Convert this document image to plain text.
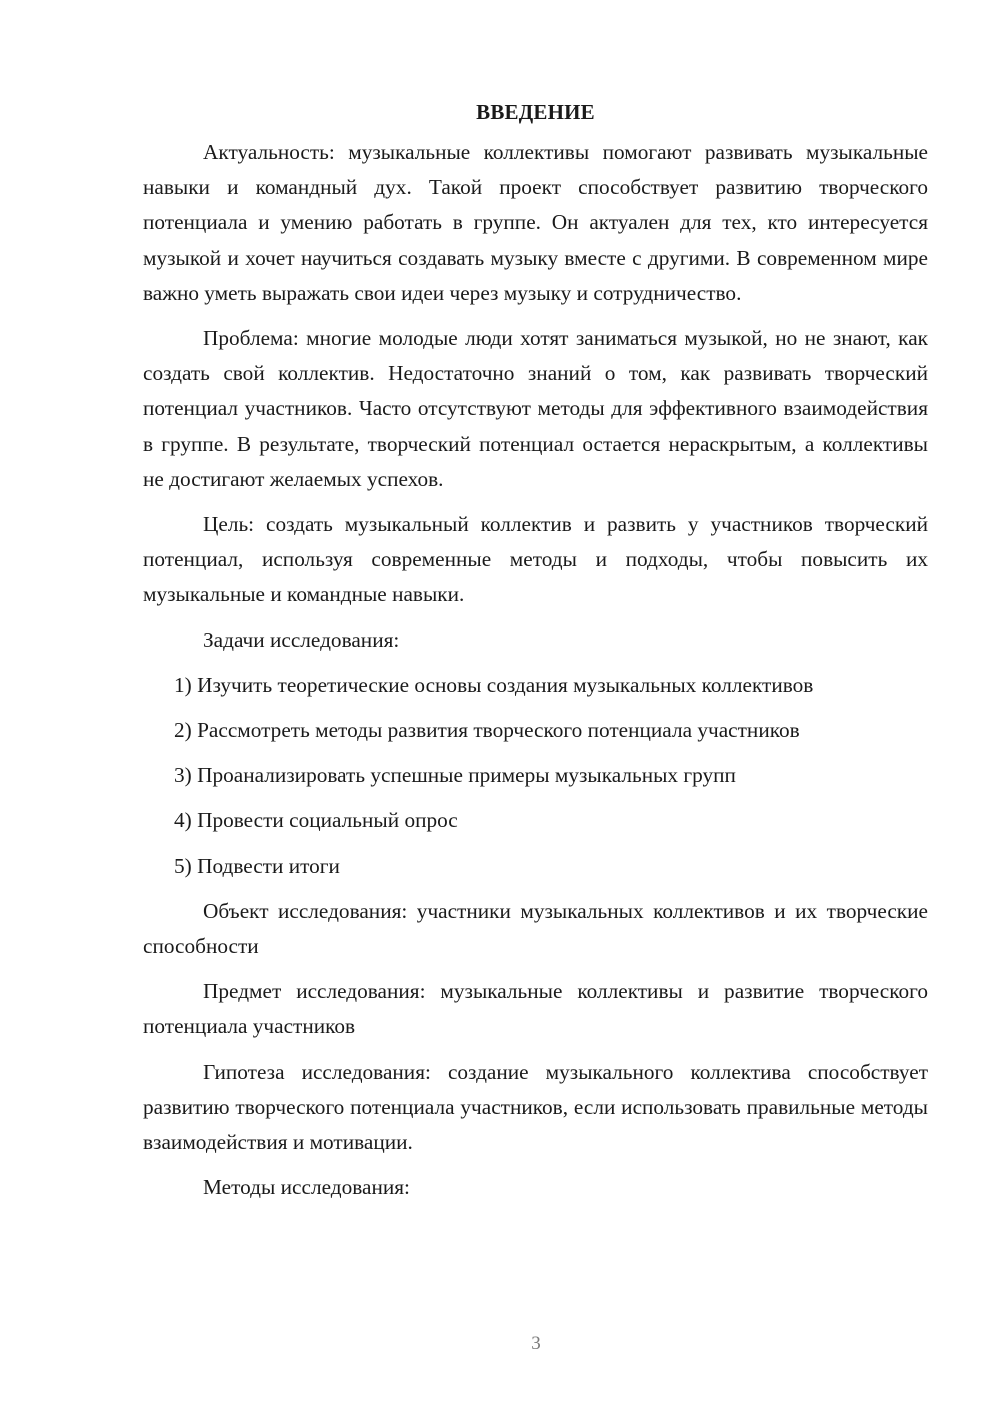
ВВЕДЕНИЕ

Актуальность: музыкальные коллективы помогают развивать музыкальные навыки и командный дух. Такой проект способствует развитию творческого потенциала и умению работать в группе. Он актуален для тех, кто интересуется музыкой и хочет научиться создавать музыку вместе с другими. В современном мире важно уметь выражать свои идеи через музыку и сотрудничество.

Проблема: многие молодые люди хотят заниматься музыкой, но не знают, как создать свой коллектив. Недостаточно знаний о том, как развивать творческий потенциал участников. Часто отсутствуют методы для эффективного взаимодействия в группе. В результате, творческий потенциал остается нераскрытым, а коллективы не достигают желаемых успехов.

Цель: создать музыкальный коллектив и развить у участников творческий потенциал, используя современные методы и подходы, чтобы повысить их музыкальные и командные навыки.

Задачи исследования:

1) Изучить теоретические основы создания музыкальных коллективов
2) Рассмотреть методы развития творческого потенциала участников
3) Проанализировать успешные примеры музыкальных групп
4) Провести социальный опрос
5) Подвести итоги

Объект исследования: участники музыкальных коллективов и их творческие способности

Предмет исследования: музыкальные коллективы и развитие творческого потенциала участников

Гипотеза исследования: создание музыкального коллектива способствует развитию творческого потенциала участников, если использовать правильные методы взаимодействия и мотивации.

Методы исследования:

3
